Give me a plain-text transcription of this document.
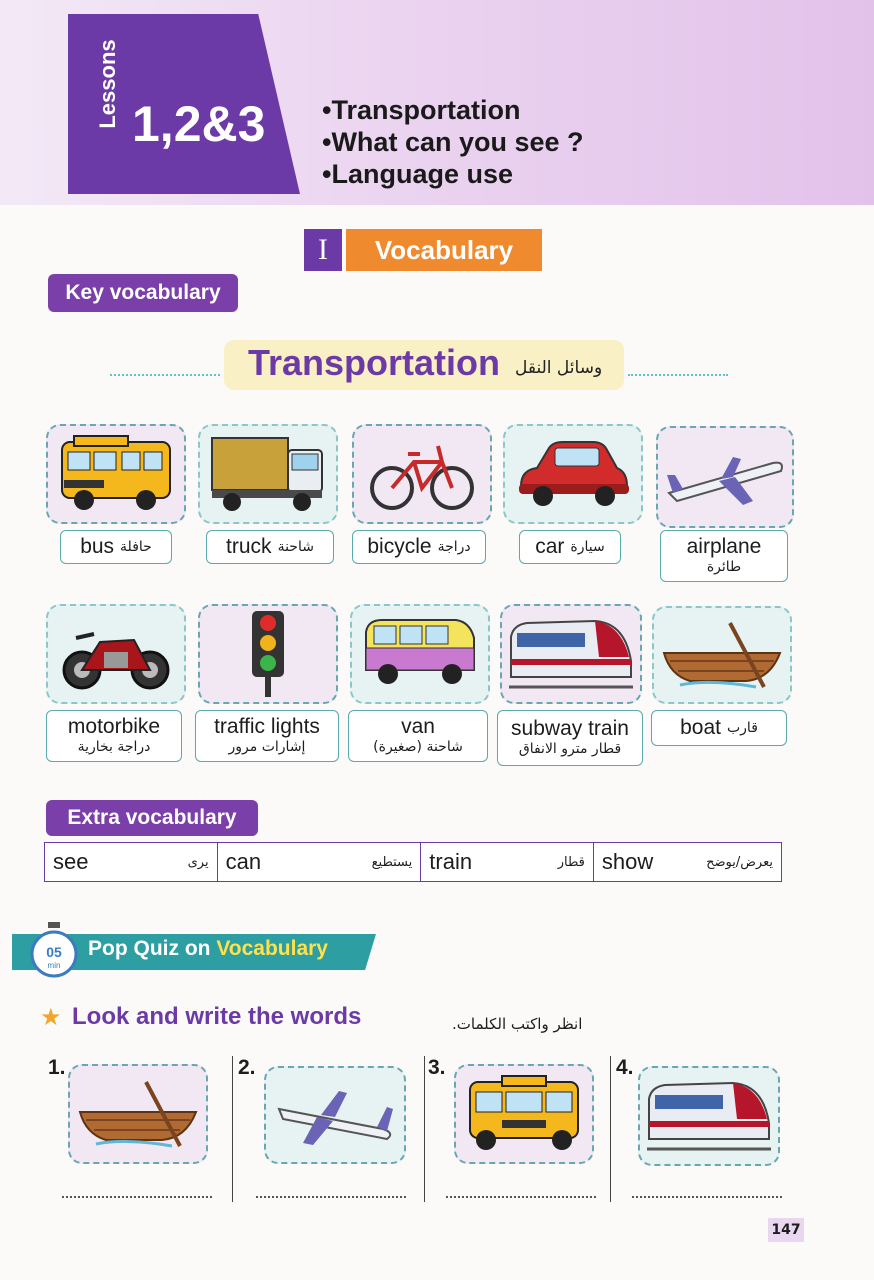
Lessons 1,2&3
•	Transportation
• What can you see ?
• Language use
I	Vocabulary
Key vocabulary
Transportation وسائل النقل
bus حافلة	truck شاحنة	bicycle دراجة	car سيارة	airplane
طائرة
motorbike
دراجة بخارية
traffic lights
إشارات مرور
van
شاحنة (صغيرة)
subway train
قطار مترو الانفاق
boat قارب
Extra vocabulary
see	يرى can	يستطيع train	قطار show	يعرض/يوضح
05
min
Pop Quiz on Vocabulary
★ Look and write the words	انظر واكتب الكلمات.
1.	2.	3.	4.
147
